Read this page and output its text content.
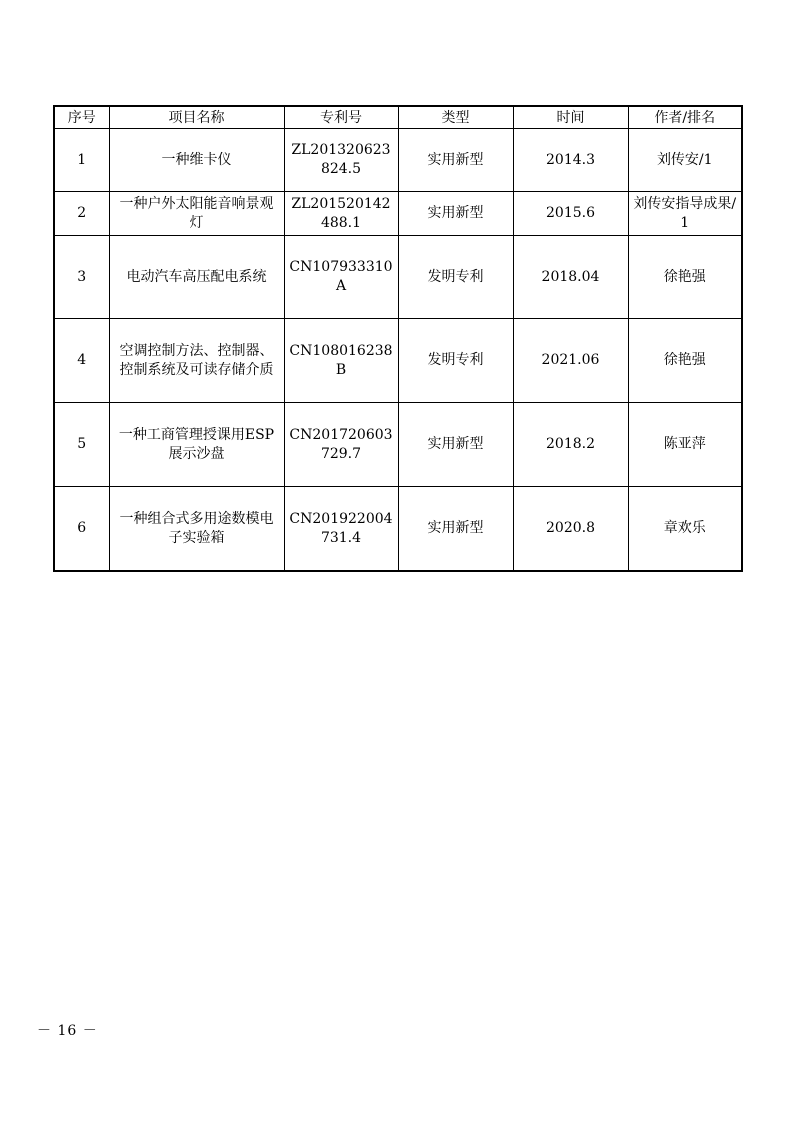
序号	项目名称	专利号	类型	时间	作者/排名
1	一种维卡仪	ZL201320623824.5	实用新型	2014.3	刘传安/1
2	一种户外太阳能音响景观灯	ZL201520142488.1	实用新型	2015.6	刘传安指导成果/1
3	电动汽车高压配电系统	CN107933310A	发明专利	2018.04	徐艳强
4	空调控制方法、控制器、控制系统及可读存储介质	CN108016238B	发明专利	2021.06	徐艳强
5	一种工商管理授课用ESP展示沙盘	CN201720603729.7	实用新型	2018.2	陈亚萍
6	一种组合式多用途数模电子实验箱	CN201922004731.4	实用新型	2020.8	章欢乐
－ 16 －
